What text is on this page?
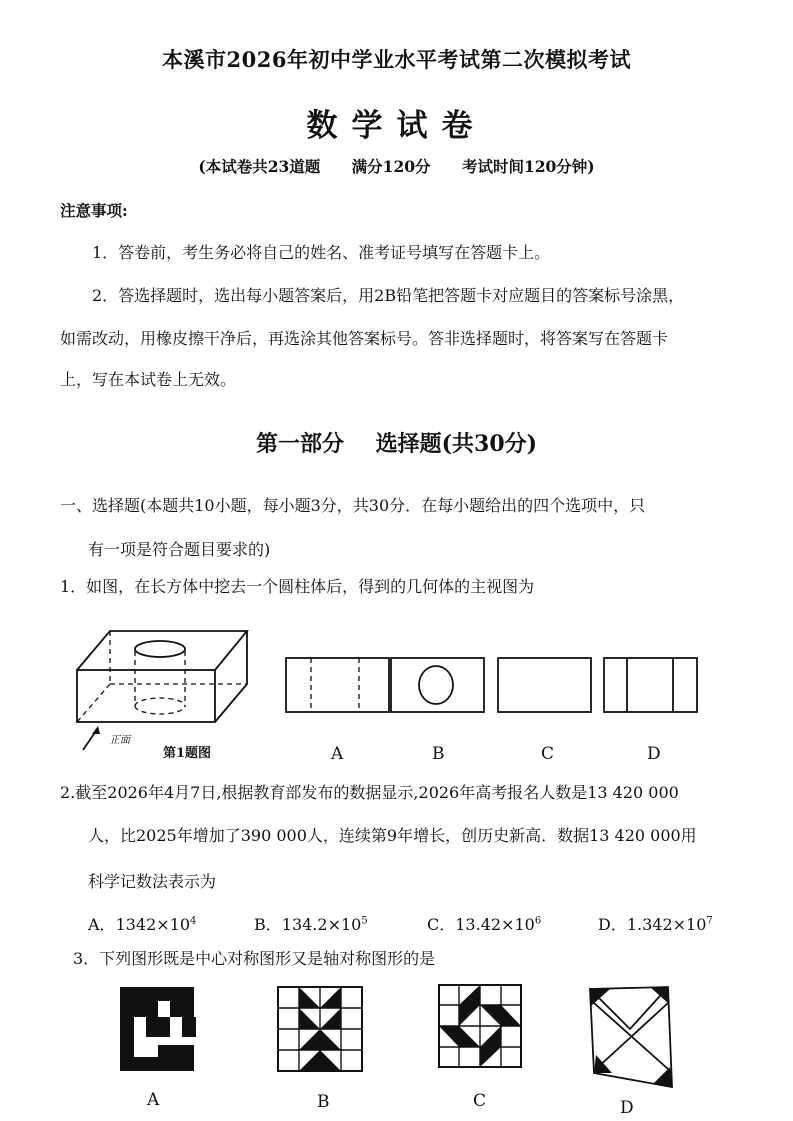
本溪市2026年初中学业水平考试第二次模拟考试
数学试卷
(本试卷共23道题 满分120分 考试时间120分钟)
注意事项:
1．答卷前，考生务必将自己的姓名、准考证号填写在答题卡上。
2．答选择题时，选出每小题答案后，用2B铅笔把答题卡对应题目的答案标号涂黑，
如需改动，用橡皮擦干净后，再选涂其他答案标号。答非选择题时，将答案写在答题卡
上，写在本试卷上无效。
第一部分 选择题(共30分)
一、选择题(本题共10小题，每小题3分，共30分．在每小题给出的四个选项中，只
有一项是符合题目要求的)
1．如图，在长方体中挖去一个圆柱体后，得到的几何体的主视图为
正面
第1题图	A	B	C	D
2.截至2026年4月7日,根据教育部发布的数据显示,2026年高考报名人数是13 420 000
人，比2025年增加了390 000人，连续第9年增长，创历史新高．数据13 420 000用
科学记数法表示为
A．$1342\times 10^4$	B．$134.2\times 10^5$	C．$13.42\times 10^6$	D．$1.342\times 10^7$
3．下列图形既是中心对称图形又是轴对称图形的是
A	B	C	D
